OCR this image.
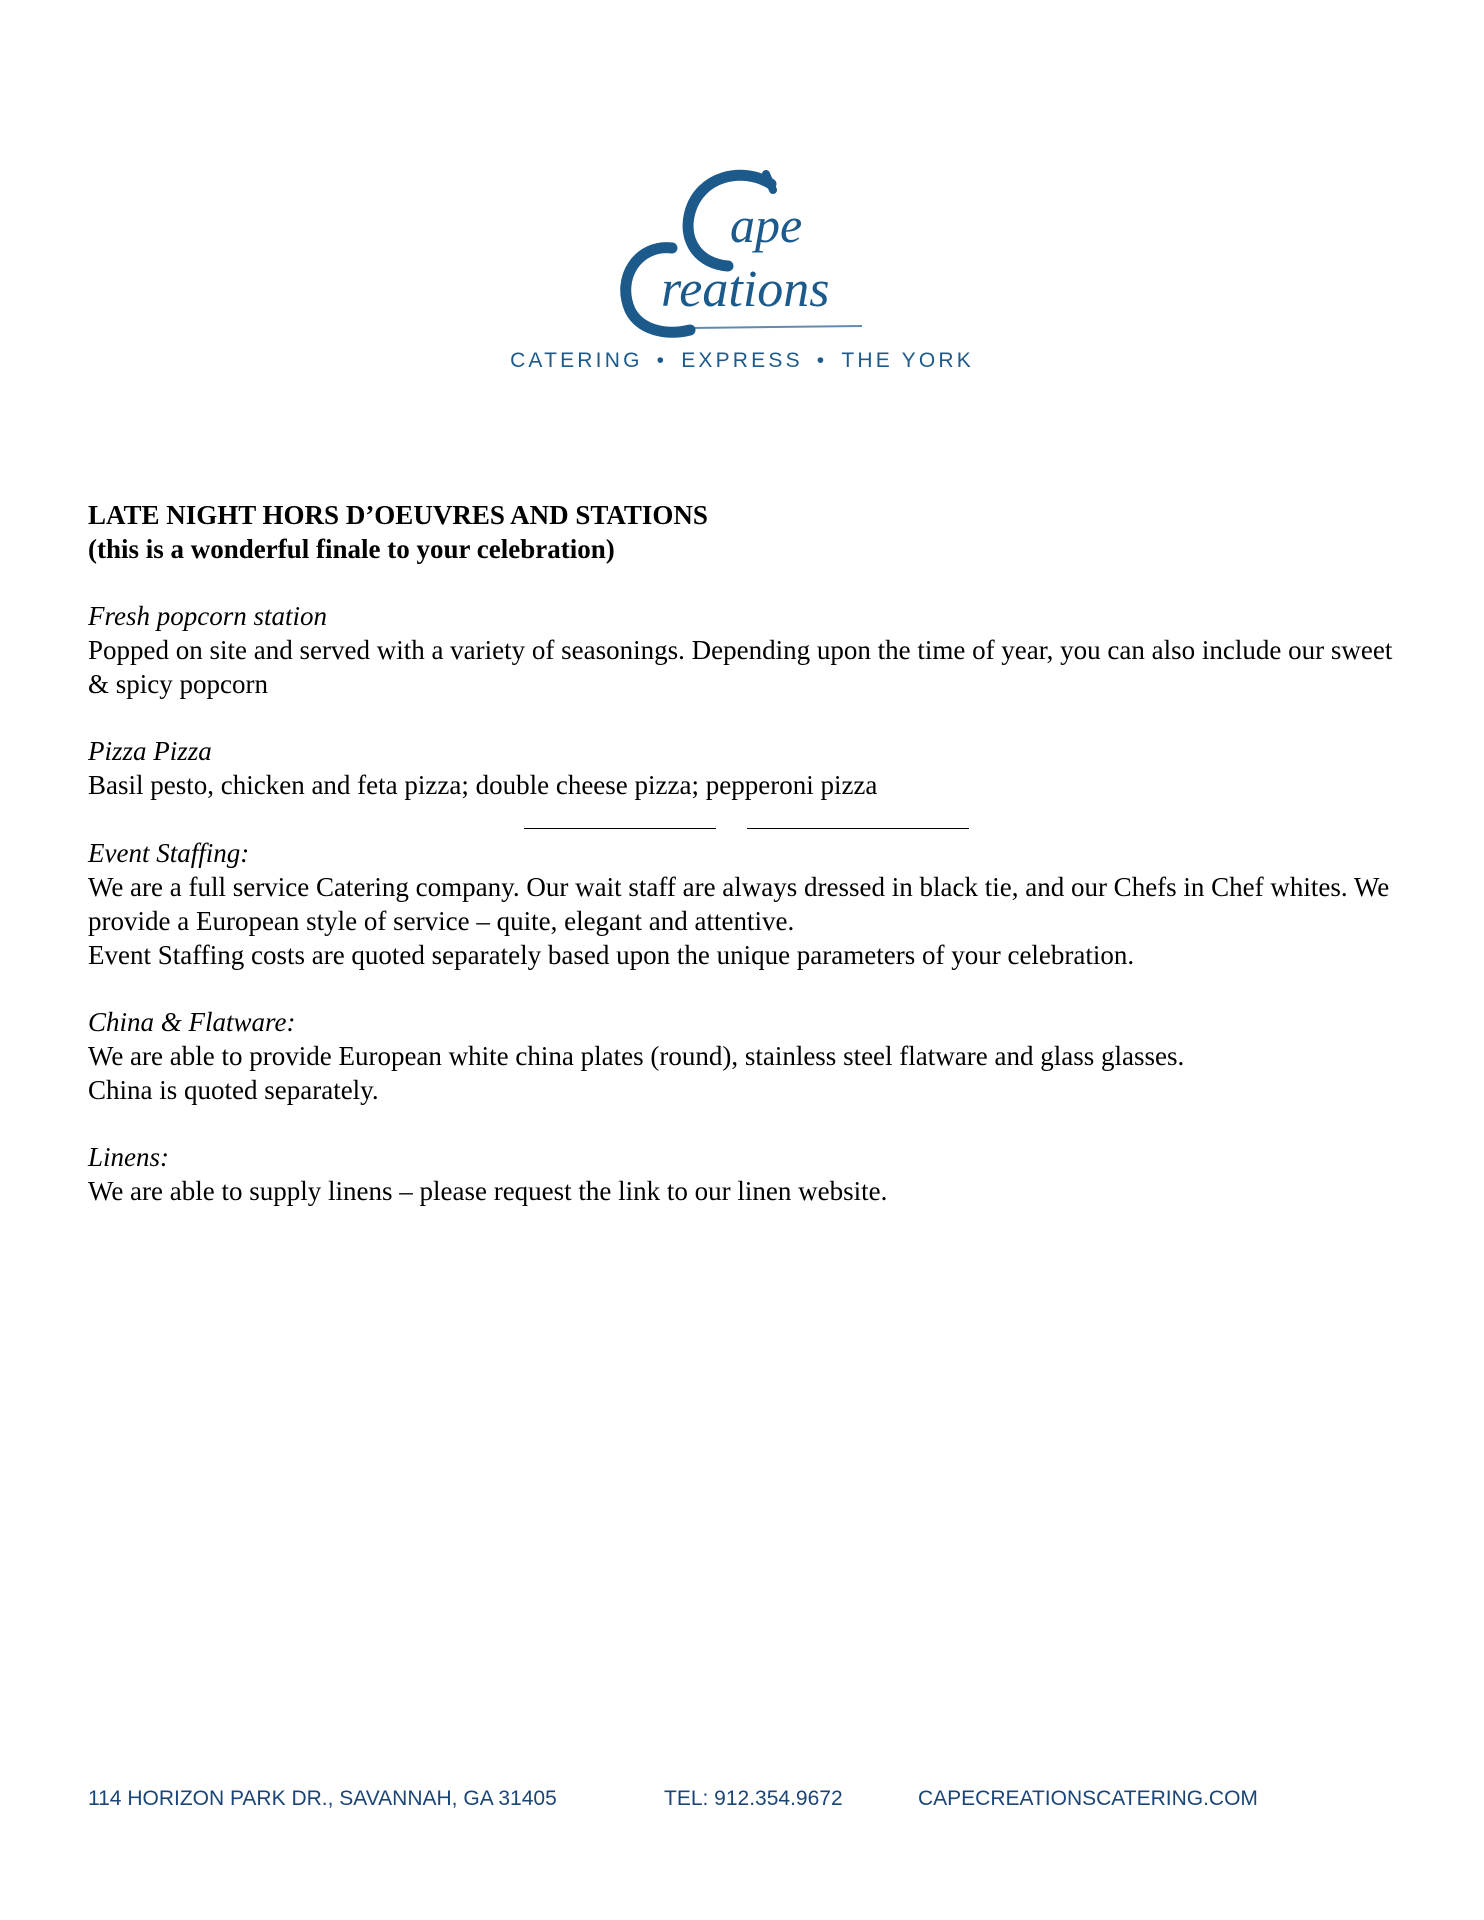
ape
reations
CATERING • EXPRESS • THE YORK

LATE NIGHT HORS D’OEUVRES AND STATIONS

(this is a wonderful finale to your celebration)

Fresh popcorn station

Popped on site and served with a variety of seasonings. Depending upon the time of year, you can also include our sweet & spicy popcorn

Pizza Pizza

Basil pesto, chicken and feta pizza; double cheese pizza; pepperoni pizza

Event Staffing:

We are a full service Catering company. Our wait staff are always dressed in black tie, and our Chefs in Chef whites. We provide a European style of service – quite, elegant and attentive.

Event Staffing costs are quoted separately based upon the unique parameters of your celebration.

China & Flatware:

We are able to provide European white china plates (round), stainless steel flatware and glass glasses.

China is quoted separately.

Linens:

We are able to supply linens – please request the link to our linen website.

114 HORIZON PARK DR., SAVANNAH, GA 31405	TEL: 912.354.9672	CAPECREATIONSCATERING.COM
